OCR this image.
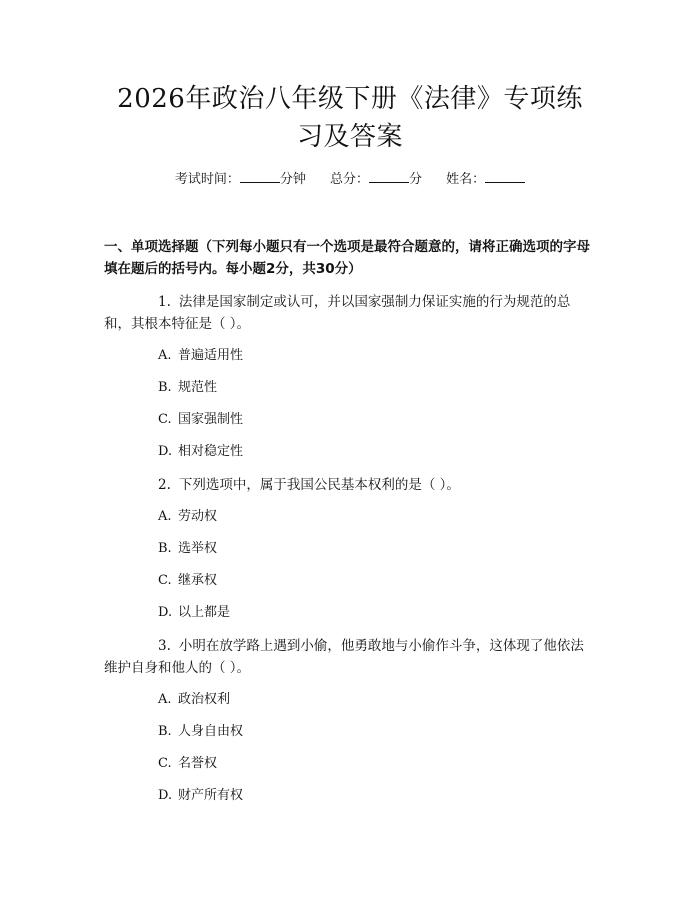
2026年政治八年级下册《法律》专项练习及答案
考试时间：	分钟 总分：	分 姓名：
一、单项选择题（下列每小题只有一个选项是最符合题意的，请将正确选项的字母填在题后的括号内。每小题2分，共30分）
1. 法律是国家制定或认可，并以国家强制力保证实施的行为规范的总和，其根本特征是（ ）。
A. 普遍适用性
B. 规范性
C. 国家强制性
D. 相对稳定性
2. 下列选项中，属于我国公民基本权利的是（ ）。
A. 劳动权
B. 选举权
C. 继承权
D. 以上都是
3. 小明在放学路上遇到小偷，他勇敢地与小偷作斗争，这体现了他依法维护自身和他人的（ ）。
A. 政治权利
B. 人身自由权
C. 名誉权
D. 财产所有权
